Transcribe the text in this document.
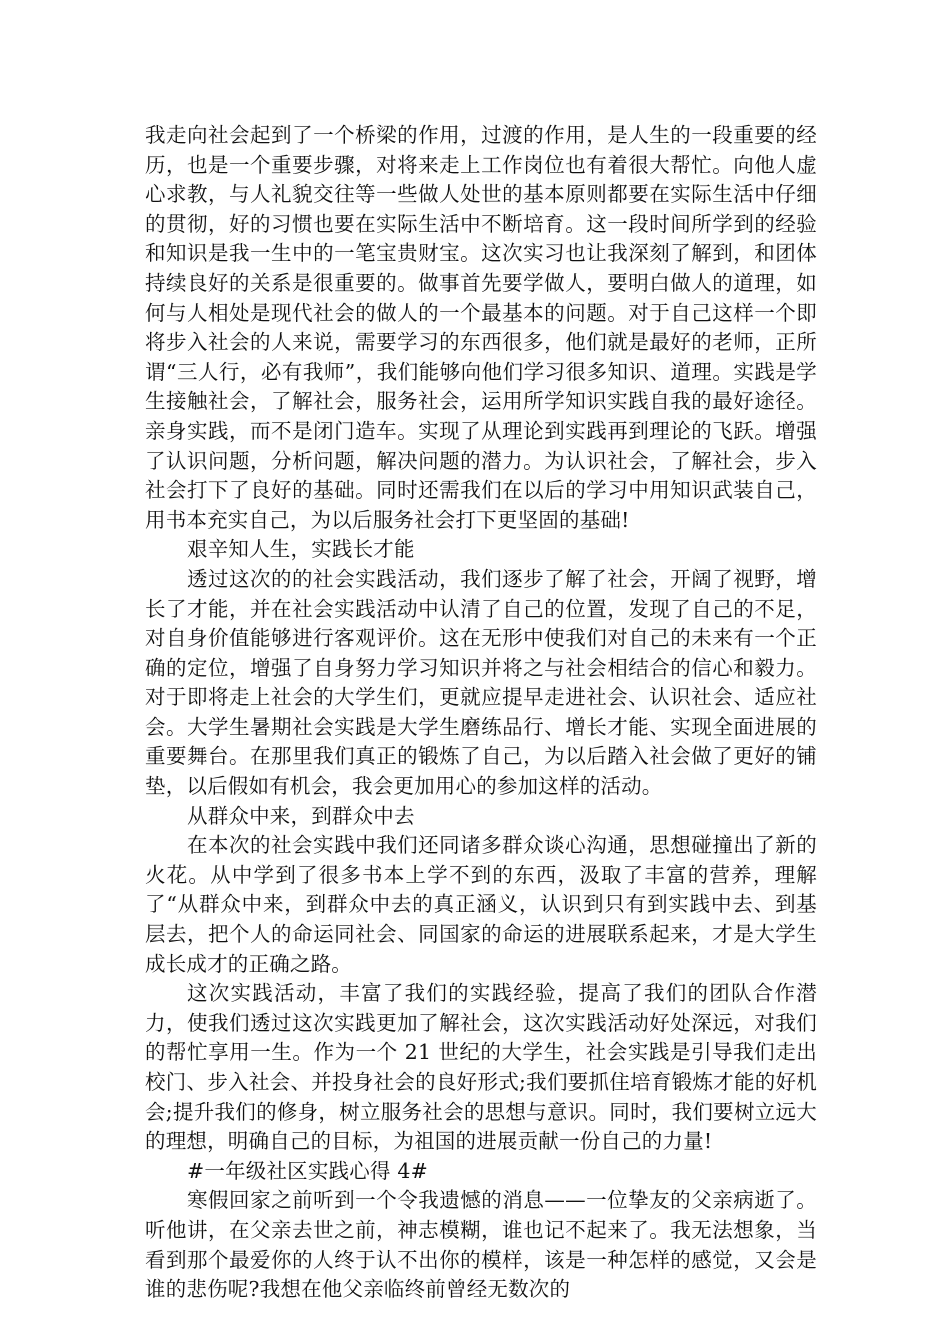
我走向社会起到了一个桥梁的作用，过渡的作用，是人生的一段重要的经历，也是一个重要步骤，对将来走上工作岗位也有着很大帮忙。向他人虚心求教，与人礼貌交往等一些做人处世的基本原则都要在实际生活中仔细的贯彻，好的习惯也要在实际生活中不断培育。这一段时间所学到的经验和知识是我一生中的一笔宝贵财宝。这次实习也让我深刻了解到，和团体持续良好的关系是很重要的。做事首先要学做人，要明白做人的道理，如何与人相处是现代社会的做人的一个最基本的问题。对于自己这样一个即将步入社会的人来说，需要学习的东西很多，他们就是最好的老师，正所谓“三人行，必有我师”，我们能够向他们学习很多知识、道理。实践是学生接触社会，了解社会，服务社会，运用所学知识实践自我的最好途径。亲身实践，而不是闭门造车。实现了从理论到实践再到理论的飞跃。增强了认识问题，分析问题，解决问题的潜力。为认识社会，了解社会，步入社会打下了良好的基础。同时还需我们在以后的学习中用知识武装自己，用书本充实自己，为以后服务社会打下更坚固的基础!

艰辛知人生，实践长才能

透过这次的的社会实践活动，我们逐步了解了社会，开阔了视野，增长了才能，并在社会实践活动中认清了自己的位置，发现了自己的不足，对自身价值能够进行客观评价。这在无形中使我们对自己的未来有一个正确的定位，增强了自身努力学习知识并将之与社会相结合的信心和毅力。对于即将走上社会的大学生们，更就应提早走进社会、认识社会、适应社会。大学生暑期社会实践是大学生磨练品行、增长才能、实现全面进展的重要舞台。在那里我们真正的锻炼了自己，为以后踏入社会做了更好的铺垫，以后假如有机会，我会更加用心的参加这样的活动。

从群众中来，到群众中去

在本次的社会实践中我们还同诸多群众谈心沟通，思想碰撞出了新的火花。从中学到了很多书本上学不到的东西，汲取了丰富的营养，理解了“从群众中来，到群众中去的真正涵义，认识到只有到实践中去、到基层去，把个人的命运同社会、同国家的命运的进展联系起来，才是大学生成长成才的正确之路。

这次实践活动，丰富了我们的实践经验，提高了我们的团队合作潜力，使我们透过这次实践更加了解社会，这次实践活动好处深远，对我们的帮忙享用一生。作为一个 21 世纪的大学生，社会实践是引导我们走出校门、步入社会、并投身社会的良好形式;我们要抓住培育锻炼才能的好机会;提升我们的修身，树立服务社会的思想与意识。同时，我们要树立远大的理想，明确自己的目标，为祖国的进展贡献一份自己的力量!

#一年级社区实践心得 4#

寒假回家之前听到一个令我遗憾的消息——一位挚友的父亲病逝了。听他讲，在父亲去世之前，神志模糊，谁也记不起来了。我无法想象，当看到那个最爱你的人终于认不出你的模样，该是一种怎样的感觉，又会是谁的悲伤呢?我想在他父亲临终前曾经无数次的
